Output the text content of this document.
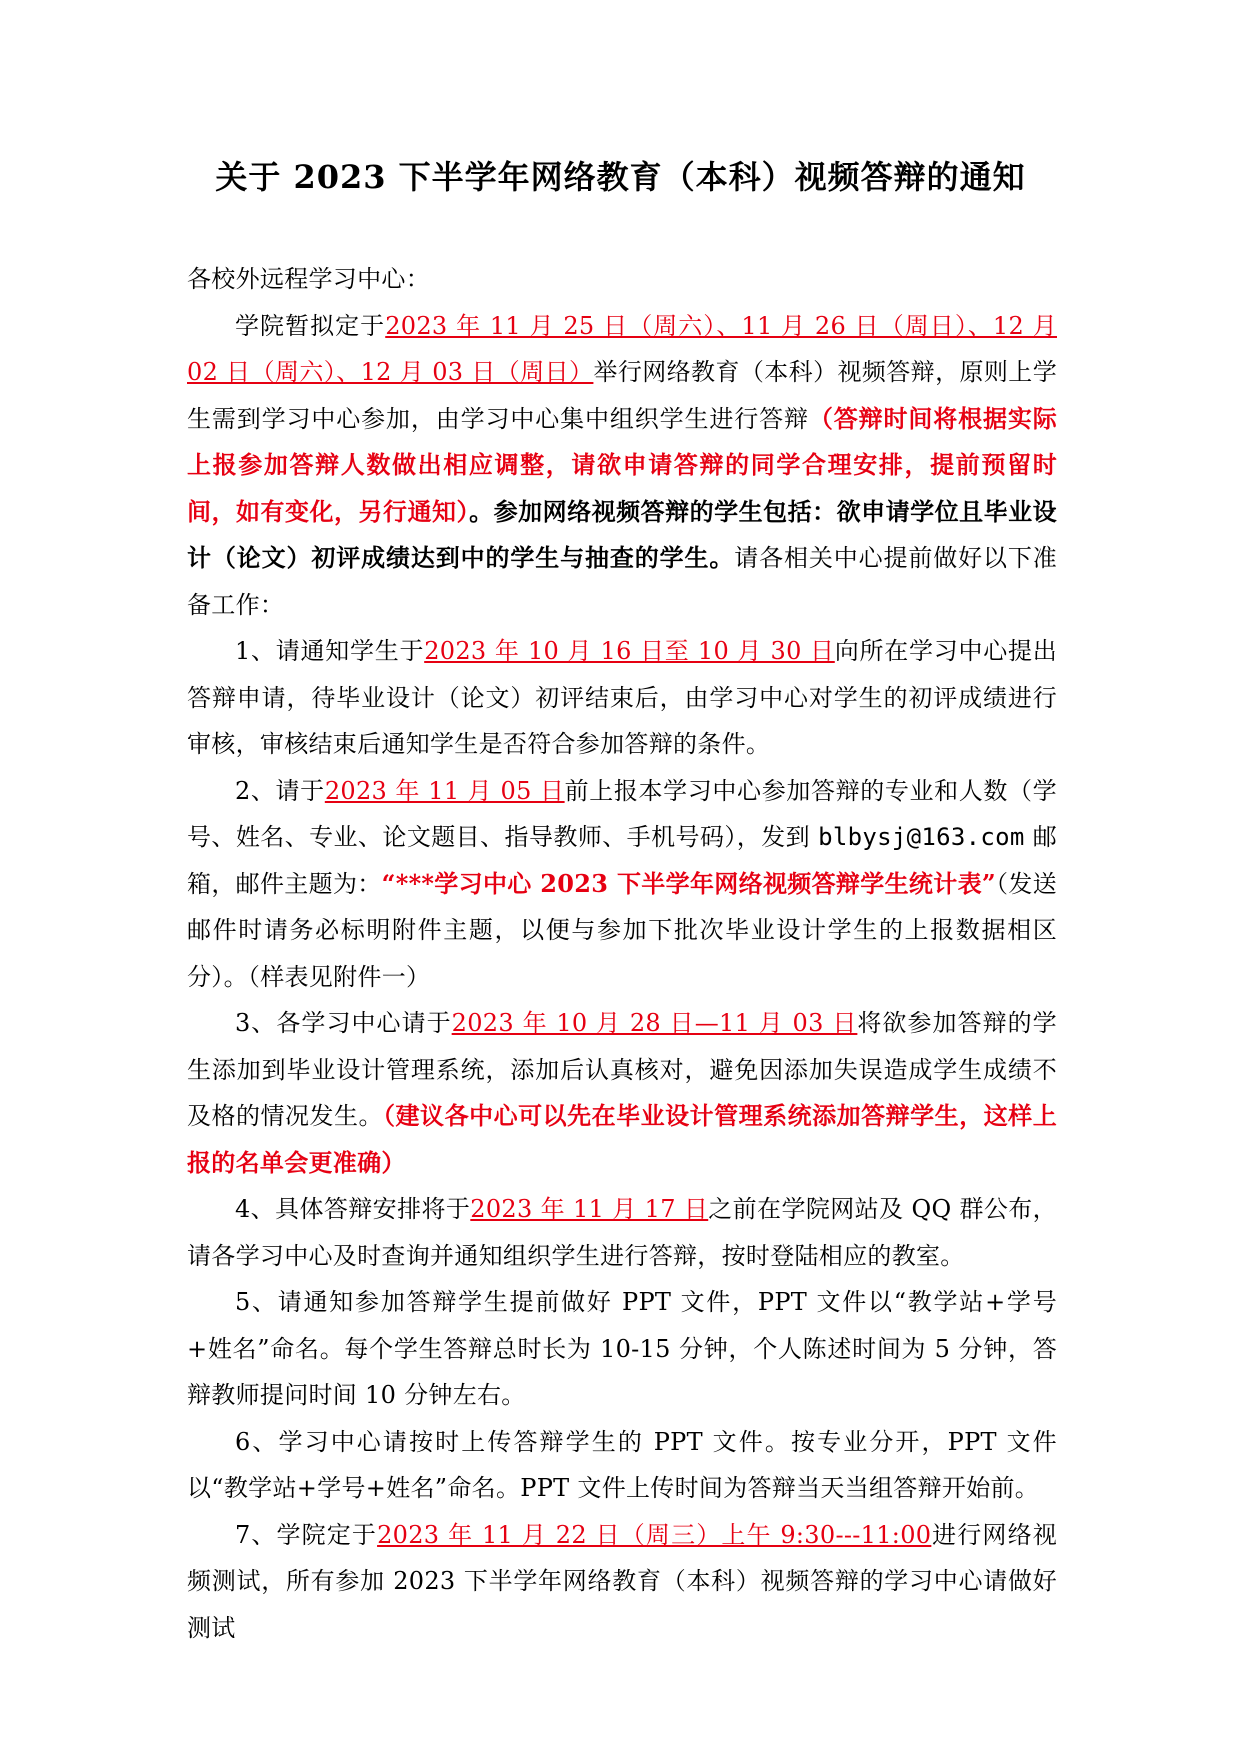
关于 2023 下半学年网络教育（本科）视频答辩的通知

各校外远程学习中心：

学院暂拟定于2023 年 11 月 25 日（周六）、11 月 26 日（周日）、12 月 02 日（周六）、12 月 03 日（周日）举行网络教育（本科）视频答辩，原则上学生需到学习中心参加，由学习中心集中组织学生进行答辩（答辩时间将根据实际上报参加答辩人数做出相应调整，请欲申请答辩的同学合理安排，提前预留时间，如有变化，另行通知）。参加网络视频答辩的学生包括：欲申请学位且毕业设计（论文）初评成绩达到中的学生与抽查的学生。请各相关中心提前做好以下准备工作：

1、请通知学生于2023 年 10 月 16 日至 10 月 30 日向所在学习中心提出答辩申请，待毕业设计（论文）初评结束后，由学习中心对学生的初评成绩进行审核，审核结束后通知学生是否符合参加答辩的条件。

2、请于2023 年 11 月 05 日前上报本学习中心参加答辩的专业和人数（学号、姓名、专业、论文题目、指导教师、手机号码），发到 blbysj@163.com 邮箱，邮件主题为：“***学习中心 2023 下半学年网络视频答辩学生统计表”（发送邮件时请务必标明附件主题，以便与参加下批次毕业设计学生的上报数据相区分）。（样表见附件一）

3、各学习中心请于2023 年 10 月 28 日—11 月 03 日将欲参加答辩的学生添加到毕业设计管理系统，添加后认真核对，避免因添加失误造成学生成绩不及格的情况发生。（建议各中心可以先在毕业设计管理系统添加答辩学生，这样上报的名单会更准确）

4、具体答辩安排将于2023 年 11 月 17 日之前在学院网站及 QQ 群公布，请各学习中心及时查询并通知组织学生进行答辩，按时登陆相应的教室。

5、请通知参加答辩学生提前做好 PPT 文件，PPT 文件以“教学站+学号+姓名”命名。每个学生答辩总时长为 10-15 分钟，个人陈述时间为 5 分钟，答辩教师提问时间 10 分钟左右。

6、学习中心请按时上传答辩学生的 PPT 文件。按专业分开，PPT 文件以“教学站+学号+姓名”命名。PPT 文件上传时间为答辩当天当组答辩开始前。

7、学院定于2023 年 11 月 22 日（周三）上午 9:30---11:00进行网络视频测试，所有参加 2023 下半学年网络教育（本科）视频答辩的学习中心请做好测试
